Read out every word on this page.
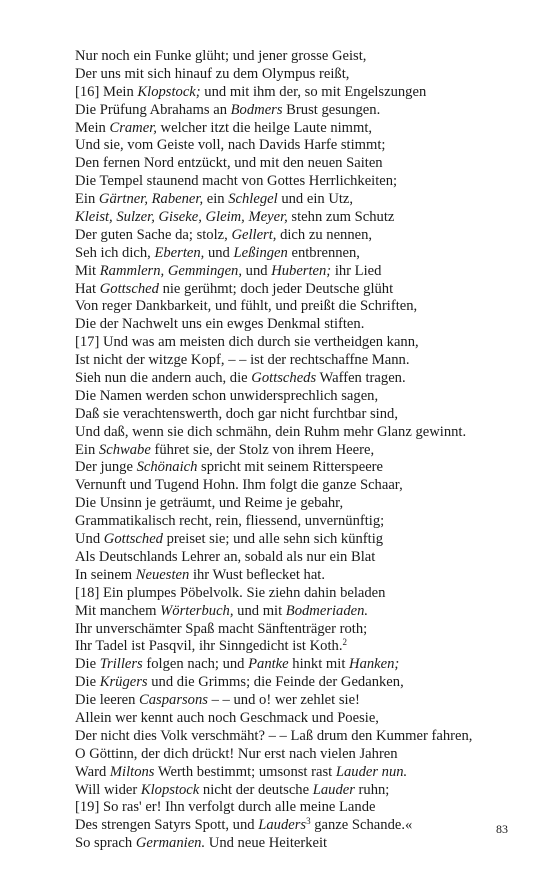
Nur noch ein Funke glüht; und jener grosse Geist,
Der uns mit sich hinauf zu dem Olympus reißt,
[16] Mein Klopstock; und mit ihm der, so mit Engelszungen
Die Prüfung Abrahams an Bodmers Brust gesungen.
Mein Cramer, welcher itzt die heilge Laute nimmt,
Und sie, vom Geiste voll, nach Davids Harfe stimmt;
Den fernen Nord entzückt, und mit den neuen Saiten
Die Tempel staunend macht von Gottes Herrlichkeiten;
Ein Gärtner, Rabener, ein Schlegel und ein Utz,
Kleist, Sulzer, Giseke, Gleim, Meyer, stehn zum Schutz
Der guten Sache da; stolz, Gellert, dich zu nennen,
Seh ich dich, Eberten, und Leßingen entbrennen,
Mit Rammlern, Gemmingen, und Huberten; ihr Lied
Hat Gottsched nie gerühmt; doch jeder Deutsche glüht
Von reger Dankbarkeit, und fühlt, und preißt die Schriften,
Die der Nachwelt uns ein ewges Denkmal stiften.
[17] Und was am meisten dich durch sie vertheidgen kann,
Ist nicht der witzge Kopf, – – ist der rechtschaffne Mann.
Sieh nun die andern auch, die Gottscheds Waffen tragen.
Die Namen werden schon unwidersprechlich sagen,
Daß sie verachtenswerth, doch gar nicht furchtbar sind,
Und daß, wenn sie dich schmähn, dein Ruhm mehr Glanz gewinnt.
Ein Schwabe führet sie, der Stolz von ihrem Heere,
Der junge Schönaich spricht mit seinem Ritterspeere
Vernunft und Tugend Hohn. Ihm folgt die ganze Schaar,
Die Unsinn je geträumt, und Reime je gebahr,
Grammatikalisch recht, rein, fliessend, unvernünftig;
Und Gottsched preiset sie; und alle sehn sich künftig
Als Deutschlands Lehrer an, sobald als nur ein Blat
In seinem Neuesten ihr Wust beflecket hat.
[18] Ein plumpes Pöbelvolk. Sie ziehn dahin beladen
Mit manchem Wörterbuch, und mit Bodmeriaden.
Ihr unverschämter Spaß macht Sänftenträger roth;
Ihr Tadel ist Pasqvil, ihr Sinngedicht ist Koth.$^2$
Die Trillers folgen nach; und Pantke hinkt mit Hanken;
Die Krügers und die Grimms; die Feinde der Gedanken,
Die leeren Casparsons – – und o! wer zehlet sie!
Allein wer kennt auch noch Geschmack und Poesie,
Der nicht dies Volk verschmäht? – – Laß drum den Kummer fahren,
O Göttinn, der dich drückt! Nur erst nach vielen Jahren
Ward Miltons Werth bestimmt; umsonst rast Lauder nun.
Will wider Klopstock nicht der deutsche Lauder ruhn;
[19] So ras' er! Ihn verfolgt durch alle meine Lande
Des strengen Satyrs Spott, und Lauders$^3$ ganze Schande.«
So sprach Germanien. Und neue Heiterkeit
83
